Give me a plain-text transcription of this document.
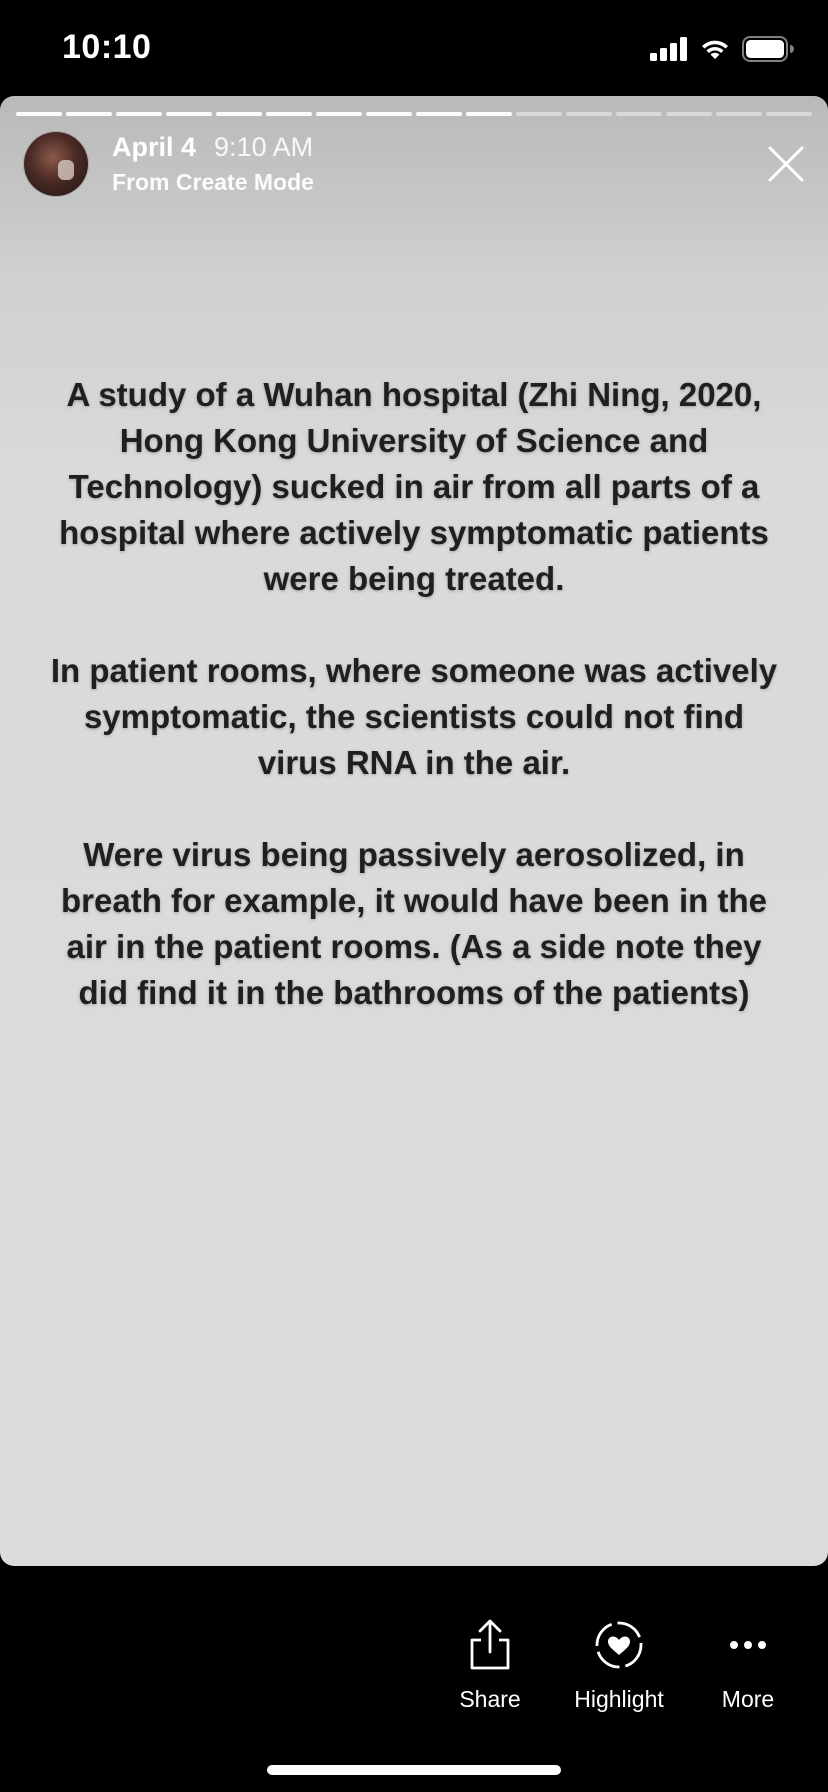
10:10
April 4 9:10 AM
From Create Mode

A study of a Wuhan hospital (Zhi Ning, 2020, Hong Kong University of Science and Technology) sucked in air from all parts of a hospital where actively symptomatic patients were being treated.

In patient rooms, where someone was actively symptomatic, the scientists could not find virus RNA in the air.

Were virus being passively aerosolized, in breath for example, it would have been in the air in the patient rooms. (As a side note they did find it in the bathrooms of the patients)

Share Highlight	More
